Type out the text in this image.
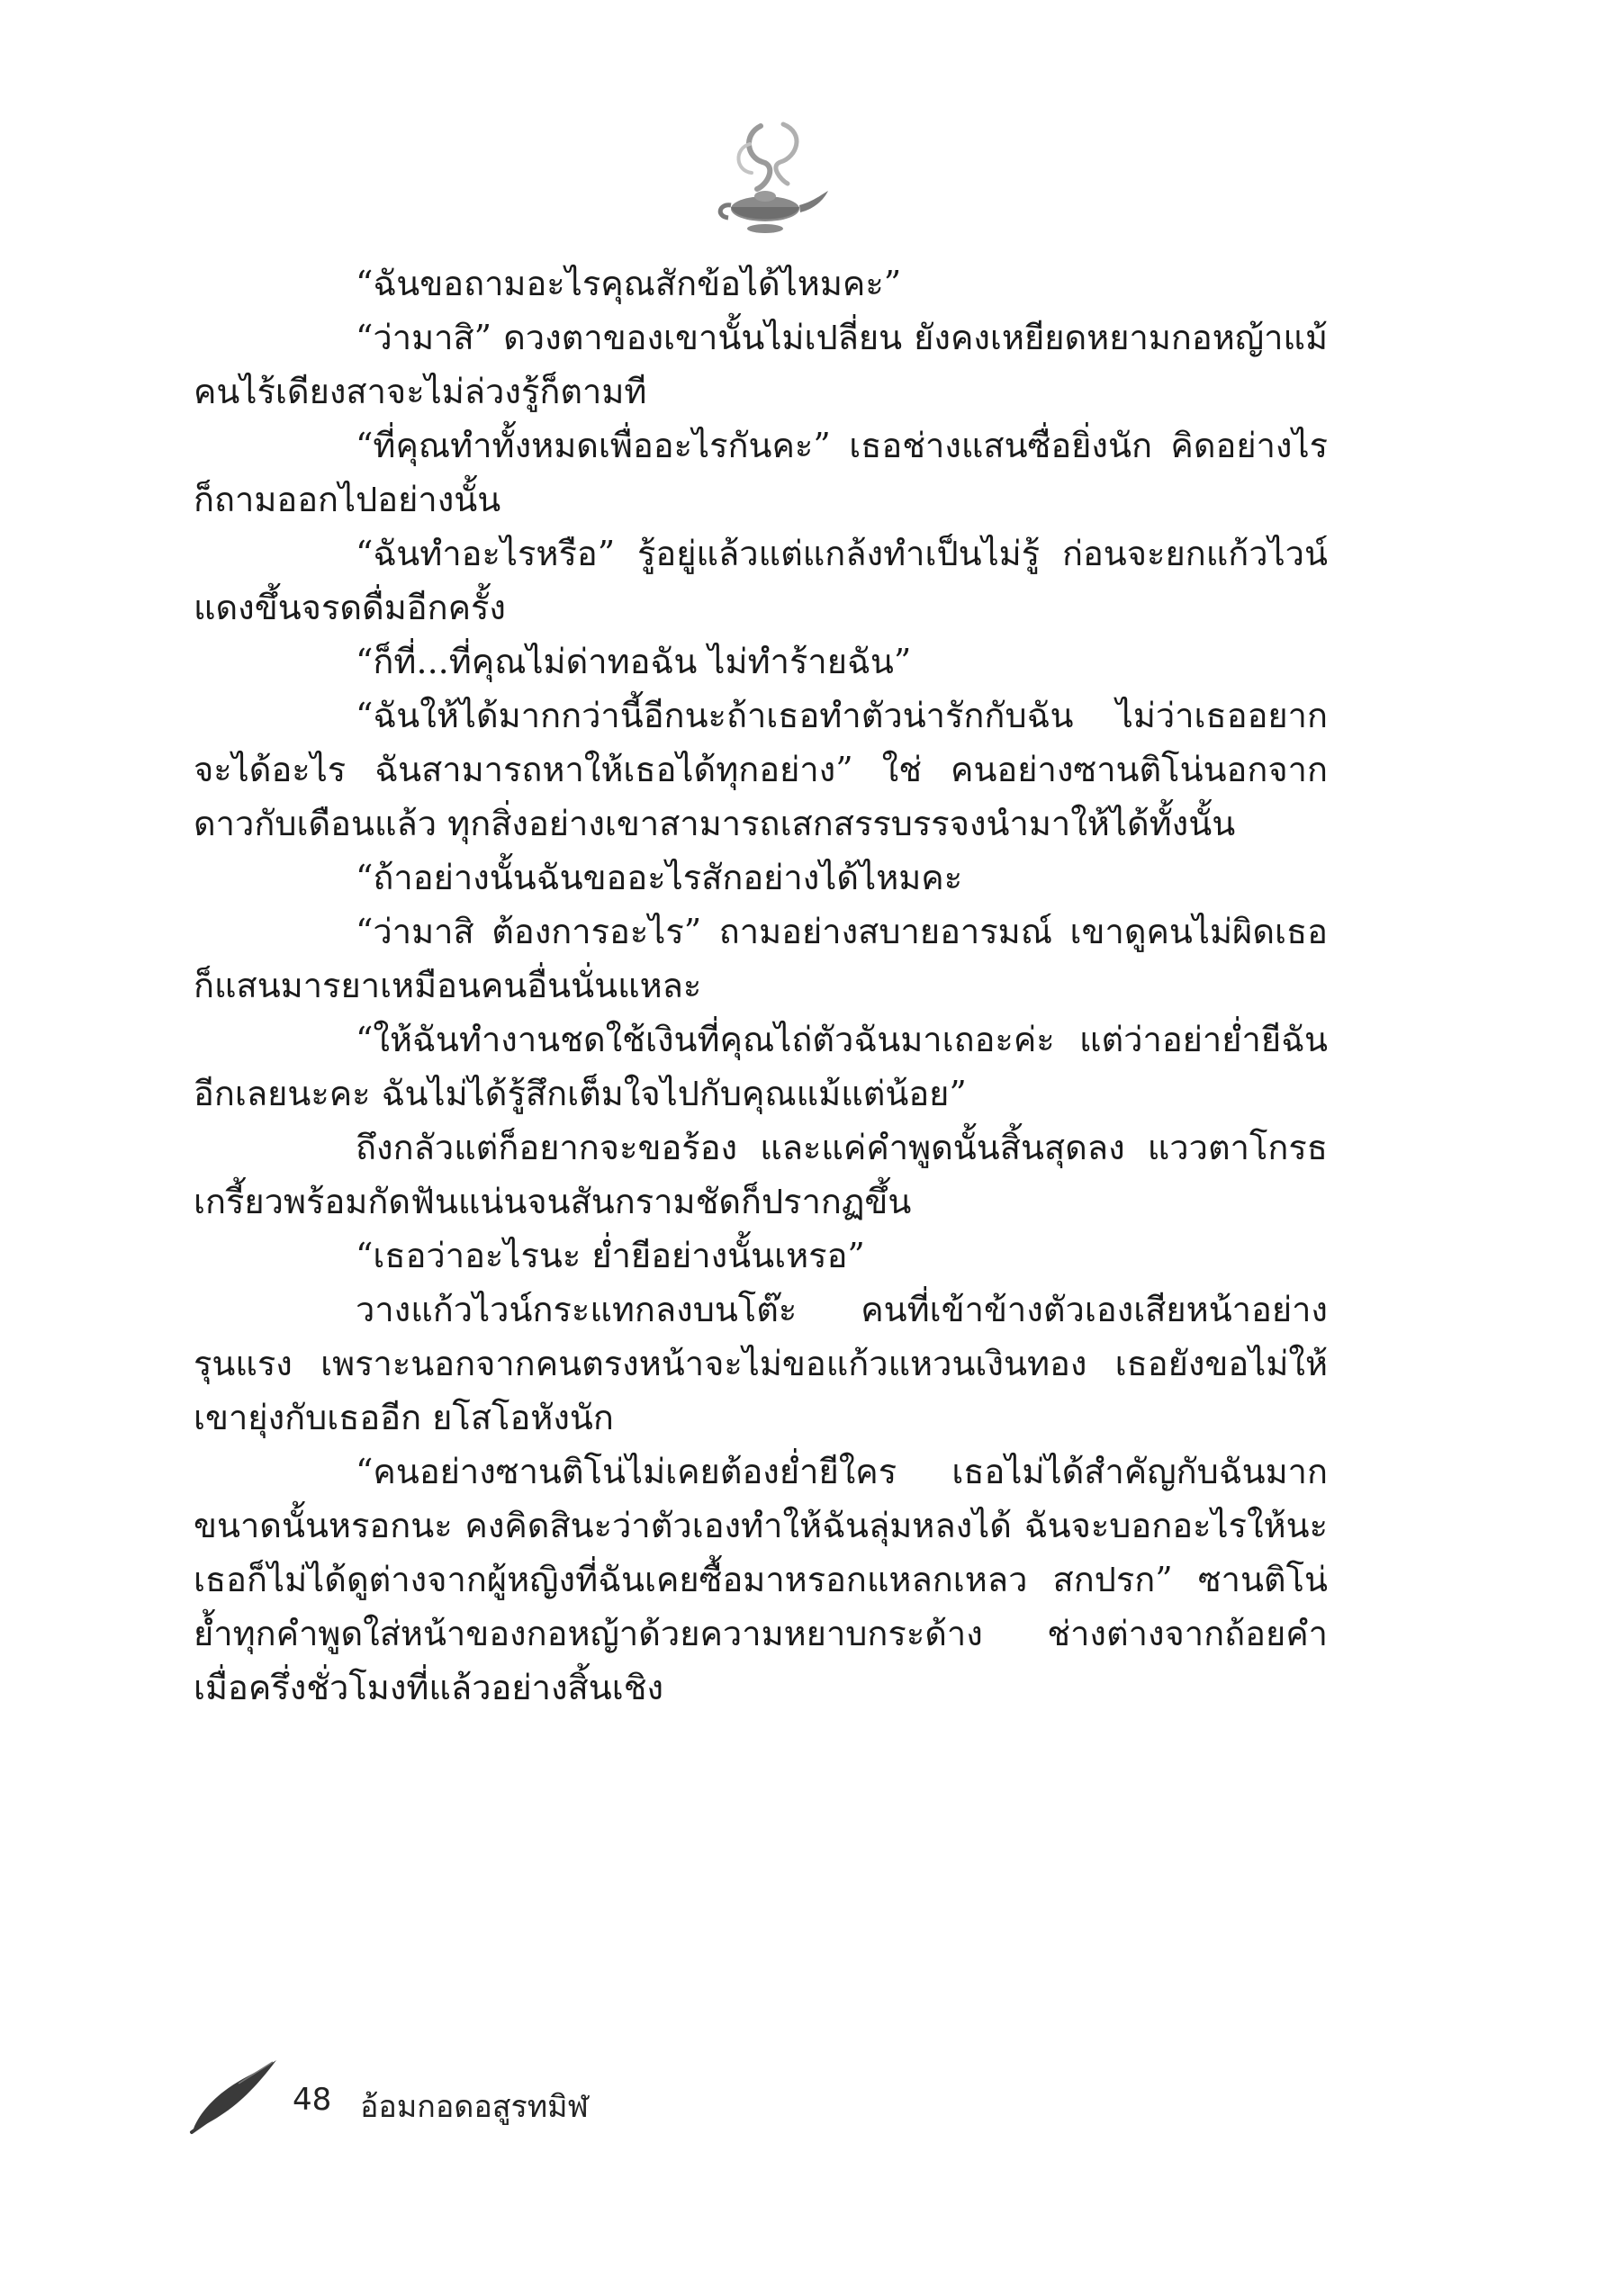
“ฉันขอถามอะไรคุณสักข้อได้ไหมคะ”

“ว่ามาสิ” ดวงตาของเขานั้นไม่เปลี่ยน ยังคงเหยียดหยามกอหญ้าแม้คนไร้เดียงสาจะไม่ล่วงรู้ก็ตามที

“ที่คุณทำทั้งหมดเพื่ออะไรกันคะ” เธอช่างแสนซื่อยิ่งนัก คิดอย่างไรก็ถามออกไปอย่างนั้น

“ฉันทำอะไรหรือ” รู้อยู่แล้วแต่แกล้งทำเป็นไม่รู้ ก่อนจะยกแก้วไวน์แดงขึ้นจรดดื่มอีกครั้ง

“ก็ที่...ที่คุณไม่ด่าทอฉัน ไม่ทำร้ายฉัน”

“ฉันให้ได้มากกว่านี้อีกนะถ้าเธอทำตัวน่ารักกับฉัน ไม่ว่าเธออยากจะได้อะไร ฉันสามารถหาให้เธอได้ทุกอย่าง” ใช่ คนอย่างซานติโน่นอกจากดาวกับเดือนแล้ว ทุกสิ่งอย่างเขาสามารถเสกสรรบรรจงนำมาให้ได้ทั้งนั้น

“ถ้าอย่างนั้นฉันขออะไรสักอย่างได้ไหมคะ

“ว่ามาสิ ต้องการอะไร” ถามอย่างสบายอารมณ์ เขาดูคนไม่ผิดเธอก็แสนมารยาเหมือนคนอื่นนั่นแหละ

“ให้ฉันทำงานชดใช้เงินที่คุณไถ่ตัวฉันมาเถอะค่ะ แต่ว่าอย่าย่ำยีฉันอีกเลยนะคะ ฉันไม่ได้รู้สึกเต็มใจไปกับคุณแม้แต่น้อย”

ถึงกลัวแต่ก็อยากจะขอร้อง และแค่คำพูดนั้นสิ้นสุดลง แววตาโกรธเกรี้ยวพร้อมกัดฟันแน่นจนสันกรามชัดก็ปรากฏขึ้น

“เธอว่าอะไรนะ ย่ำยีอย่างนั้นเหรอ”

วางแก้วไวน์กระแทกลงบนโต๊ะ คนที่เข้าข้างตัวเองเสียหน้าอย่างรุนแรง เพราะนอกจากคนตรงหน้าจะไม่ขอแก้วแหวนเงินทอง เธอยังขอไม่ให้เขายุ่งกับเธออีก ยโสโอหังนัก

“คนอย่างซานติโน่ไม่เคยต้องย่ำยีใคร เธอไม่ได้สำคัญกับฉันมากขนาดนั้นหรอกนะ คงคิดสินะว่าตัวเองทำให้ฉันลุ่มหลงได้ ฉันจะบอกอะไรให้นะ เธอก็ไม่ได้ดูต่างจากผู้หญิงที่ฉันเคยซื้อมาหรอกแหลกเหลว สกปรก” ซานติโน่ย้ำทุกคำพูดใส่หน้าของกอหญ้าด้วยความหยาบกระด้าง ช่างต่างจากถ้อยคำเมื่อครึ่งชั่วโมงที่แล้วอย่างสิ้นเชิง

48 อ้อมกอดอสูรทมิฬ
